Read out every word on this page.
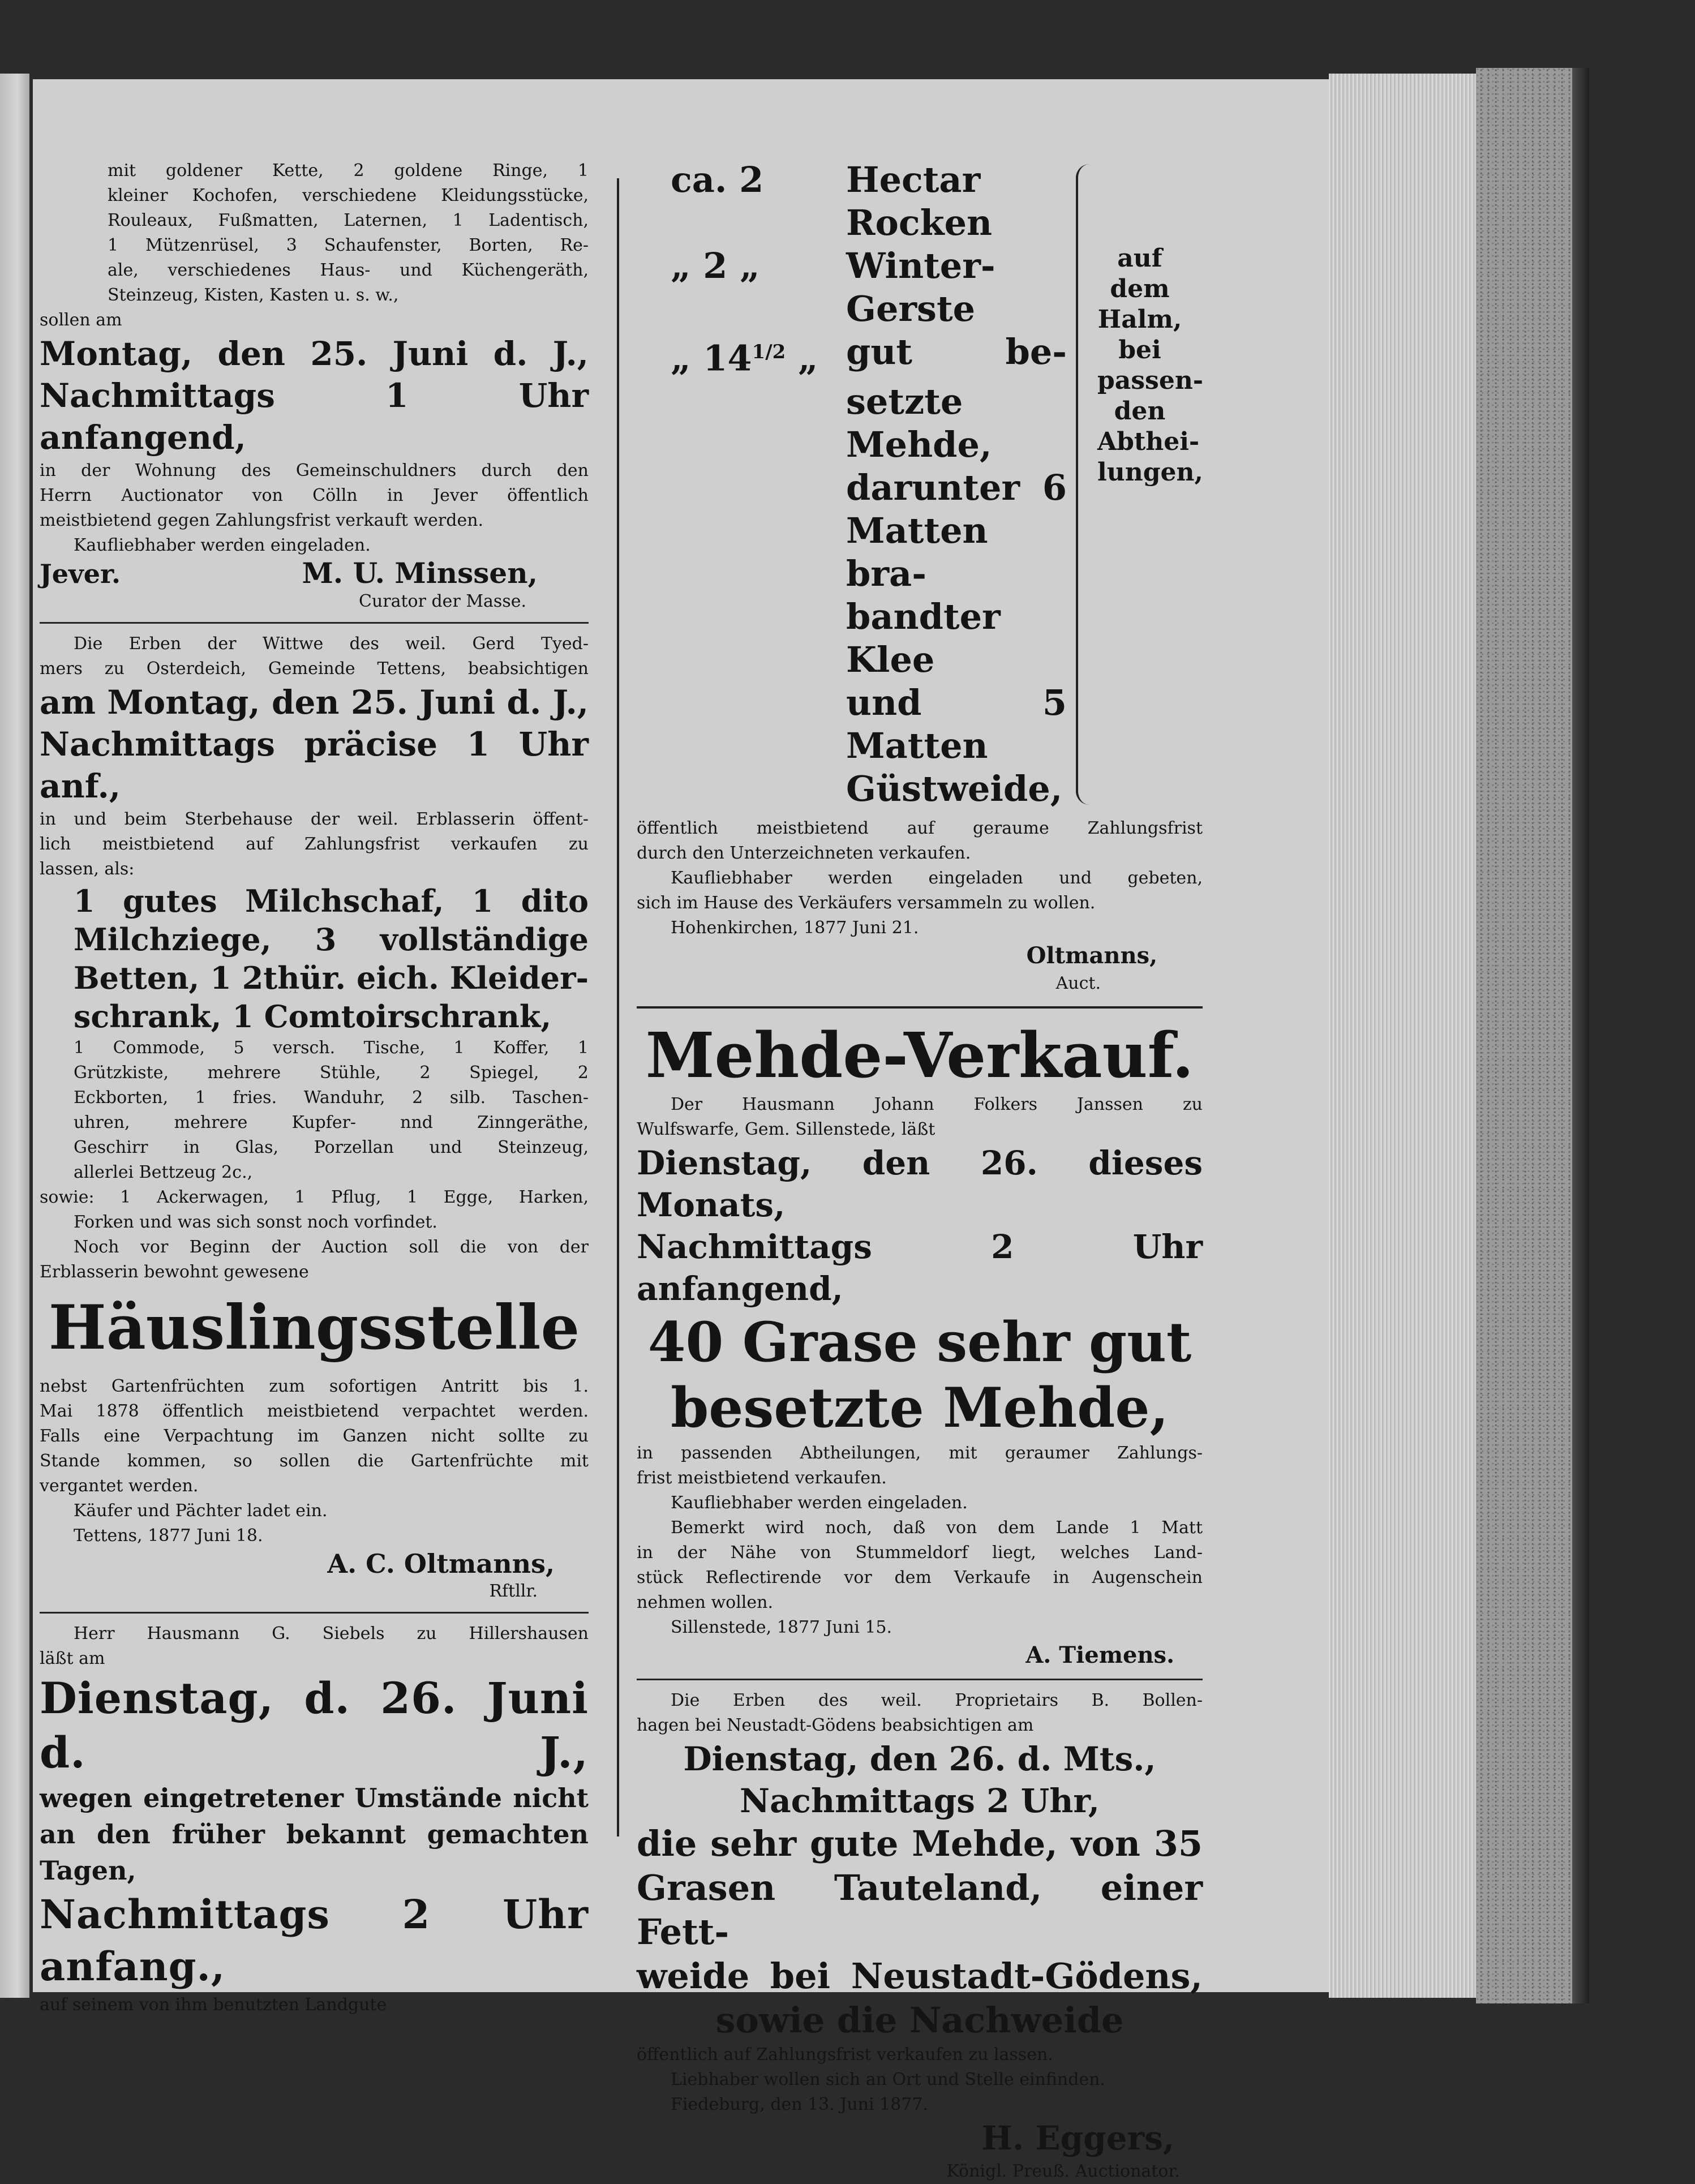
mit goldener Kette, 2 goldene Ringe, 1
kleiner Kochofen, verschiedene Kleidungsstücke,
Rouleaux, Fußmatten, Laternen, 1 Ladentisch,
1 Mützenrüsel, 3 Schaufenster, Borten, Re-
ale, verschiedenes Haus- und Küchengeräth,
Steinzeug, Kisten, Kasten u. s. w.,
sollen am
Montag, den 25. Juni d. J.,
Nachmittags 1 Uhr anfangend,
in der Wohnung des Gemeinschuldners durch den
Herrn Auctionator von Cölln in Jever öffentlich
meistbietend gegen Zahlungsfrist verkauft werden.
Kaufliebhaber werden eingeladen.
Jever.	M. U. Minssen,
Curator der Masse.
Die Erben der Wittwe des weil. Gerd Tyed-
mers zu Osterdeich, Gemeinde Tettens, beabsichtigen
am Montag, den 25. Juni d. J.,
Nachmittags präcise 1 Uhr anf.,
in und beim Sterbehause der weil. Erblasserin öffent-
lich meistbietend auf Zahlungsfrist verkaufen zu
lassen, als:
1 gutes Milchschaf, 1 dito
Milchziege, 3 vollständige
Betten, 1 2thür. eich. Kleider-
schrank, 1 Comtoirschrank,
1 Commode, 5 versch. Tische, 1 Koffer, 1
Grützkiste, mehrere Stühle, 2 Spiegel, 2
Eckborten, 1 fries. Wanduhr, 2 silb. Taschen-
uhren, mehrere Kupfer- nnd Zinngeräthe,
Geschirr in Glas, Porzellan und Steinzeug,
allerlei Bettzeug 2c.,
sowie: 1 Ackerwagen, 1 Pflug, 1 Egge, Harken,
Forken und was sich sonst noch vorfindet.
Noch vor Beginn der Auction soll die von der
Erblasserin bewohnt gewesene
Häuslingsstelle
nebst Gartenfrüchten zum sofortigen Antritt bis 1.
Mai 1878 öffentlich meistbietend verpachtet werden.
Falls eine Verpachtung im Ganzen nicht sollte zu
Stande kommen, so sollen die Gartenfrüchte mit
vergantet werden.
Käufer und Pächter ladet ein.
Tettens, 1877 Juni 18.
A. C. Oltmanns,
Rftllr.
Herr Hausmann G. Siebels zu Hillershausen
läßt am
Dienstag, d. 26. Juni d. J.,
wegen eingetretener Umstände nicht
an den früher bekannt gemachten Tagen,
Nachmittags 2 Uhr anfang.,
auf seinem von ihm benutzten Landgute
ca. 2	Hectar Rocken
„ 2 „	Winter-
Gerste
„ $14^{1/2}$ „ gut be-
setzte Mehde,
darunter 6
Matten bra-
bandter Klee
und 5 Matten
Güstweide,
auf
dem
Halm,
bei
passen-
den
Abthei-
lungen,
öffentlich meistbietend auf geraume Zahlungsfrist
durch den Unterzeichneten verkaufen.
Kaufliebhaber werden eingeladen und gebeten,
sich im Hause des Verkäufers versammeln zu wollen.
Hohenkirchen, 1877 Juni 21.
Oltmanns,
Auct.
Mehde-Verkauf.
Der Hausmann Johann Folkers Janssen zu
Wulfswarfe, Gem. Sillenstede, läßt
Dienstag, den 26. dieses Monats,
Nachmittags 2 Uhr anfangend,
40 Grase sehr gut
besetzte Mehde,
in passenden Abtheilungen, mit geraumer Zahlungs-
frist meistbietend verkaufen.
Kaufliebhaber werden eingeladen.
Bemerkt wird noch, daß von dem Lande 1 Matt
in der Nähe von Stummeldorf liegt, welches Land-
stück Reflectirende vor dem Verkaufe in Augenschein
nehmen wollen.
Sillenstede, 1877 Juni 15.
A. Tiemens.
Die Erben des weil. Proprietairs B. Bollen-
hagen bei Neustadt-Gödens beabsichtigen am
Dienstag, den 26. d. Mts.,
Nachmittags 2 Uhr,
die sehr gute Mehde, von 35
Grasen Tauteland, einer Fett-
weide bei Neustadt-Gödens,
sowie die Nachweide
öffentlich auf Zahlungsfrist verkaufen zu lassen.
Liebhaber wollen sich an Ort und Stelle einfinden.
Fiedeburg, den 13. Juni 1877.
H. Eggers,
Königl. Preuß. Auctionator.
